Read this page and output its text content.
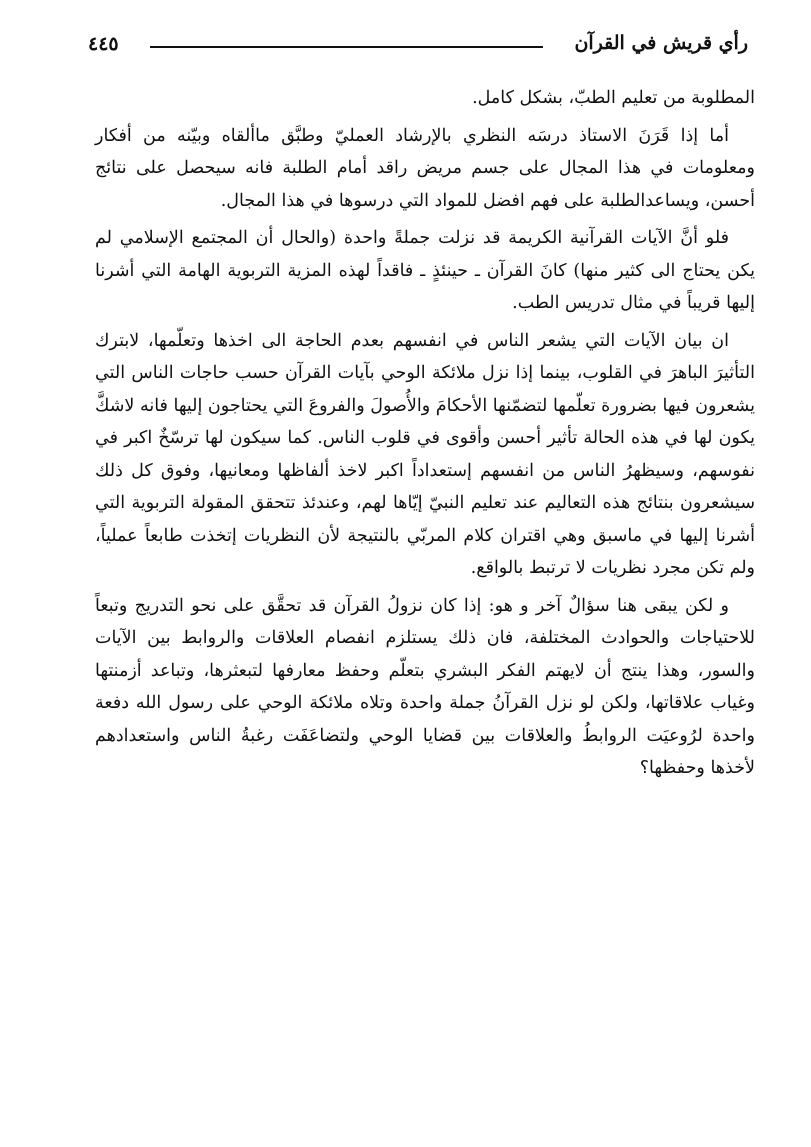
رأي قريش في القرآن
٤٤٥

المطلوبة من تعليم الطبّ، بشكل كامل.

أما إذا قَرَنَ الاستاذ درسَه النظري بالإرشاد العمليّ وطبَّق ماألقاه وبيّنه من أفكار ومعلومات في هذا المجال على جسم مريض راقد أمام الطلبة فانه سيحصل على نتائج أحسن، ويساعدالطلبة على فهم افضل للمواد التي درسوها في هذا المجال.

فلو أنَّ الآيات القرآنية الكريمة قد نزلت جملةً واحدة (والحال أن المجتمع الإسلامي لم يكن يحتاج الى كثير منها) كانَ القرآن ـ حينئذٍ ـ فاقداً لهذه المزية التربوية الهامة التي أشرنا إليها قريباً في مثال تدريس الطب.

ان بيان الآيات التي يشعر الناس في انفسهم بعدم الحاجة الى اخذها وتعلّمها، لابترك التأثيرَ الباهرَ في القلوب، بينما إذا نزل ملائكة الوحي بآيات القرآن حسب حاجات الناس التي يشعرون فيها بضرورة تعلّمها لتضمّنها الأحكامَ والأُصولَ والفروعَ التي يحتاجون إليها فانه لاشكَّ يكون لها في هذه الحالة تأثير أحسن وأقوى في قلوب الناس. كما سيكون لها ترسّخٌ اكبر في نفوسهم، وسيظهرُ الناس من انفسهم إستعداداً اكبر لاخذ ألفاظها ومعانيها، وفوق كل ذلك سيشعرون بنتائج هذه التعاليم عند تعليم النبيّ إيّاها لهم، وعندئذ تتحقق المقولة التربوية التي أشرنا إليها في ماسبق وهي اقتران كلام المربّي بالنتيجة لأن النظريات إتخذت طابعاً عملياً، ولم تكن مجرد نظريات لا ترتبط بالواقع.

و لكن يبقى هنا سؤالٌ آخر و هو: إذا كان نزولُ القرآن قد تحقَّق على نحو التدريج وتبعاً للاحتياجات والحوادث المختلفة، فان ذلك يستلزم انفصام العلاقات والروابط بين الآيات والسور، وهذا ينتج أن لايهتم الفكر البشري بتعلّم وحفظ معارفها لتبعثرها، وتباعد أزمنتها وغياب علاقاتها، ولكن لو نزل القرآنُ جملة واحدة وتلاه ملائكة الوحي على رسول الله دفعة واحدة لرُوعيَت الروابطُ والعلاقات بين قضايا الوحي ولتضاعَفَت رغبةُ الناس واستعدادهم لأخذها وحفظها؟
